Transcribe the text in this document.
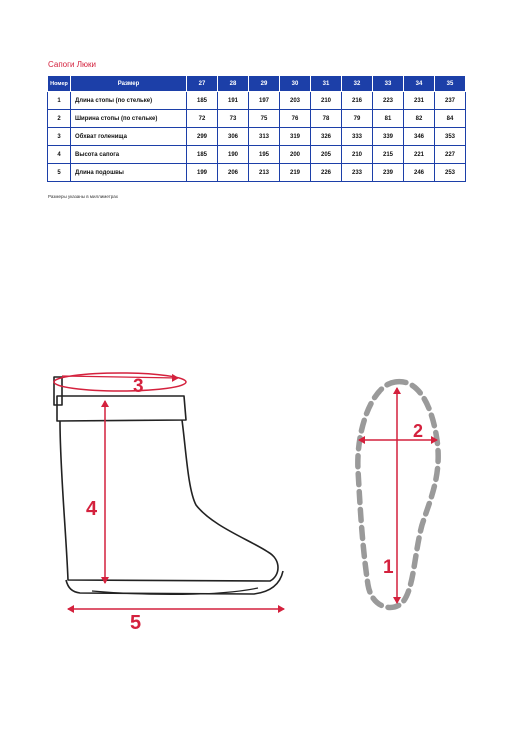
Сапоги Люки
Номер	Размер	27	28	29	30	31	32	33	34	35
1	Длина стопы (по стельке)	185	191	197	203	210	216	223	231	237
2	Ширина стопы (по стельке)	72	73	75	76	78	79	81	82	84
3	Обхват голенища	299	306	313	319	326	333	339	346	353
4	Высота сапога	185	190	195	200	205	210	215	221	227
5	Длина подошвы	199	206	213	219	226	233	239	246	253
Размеры указаны в миллиметрах
3
4
5
1
2
